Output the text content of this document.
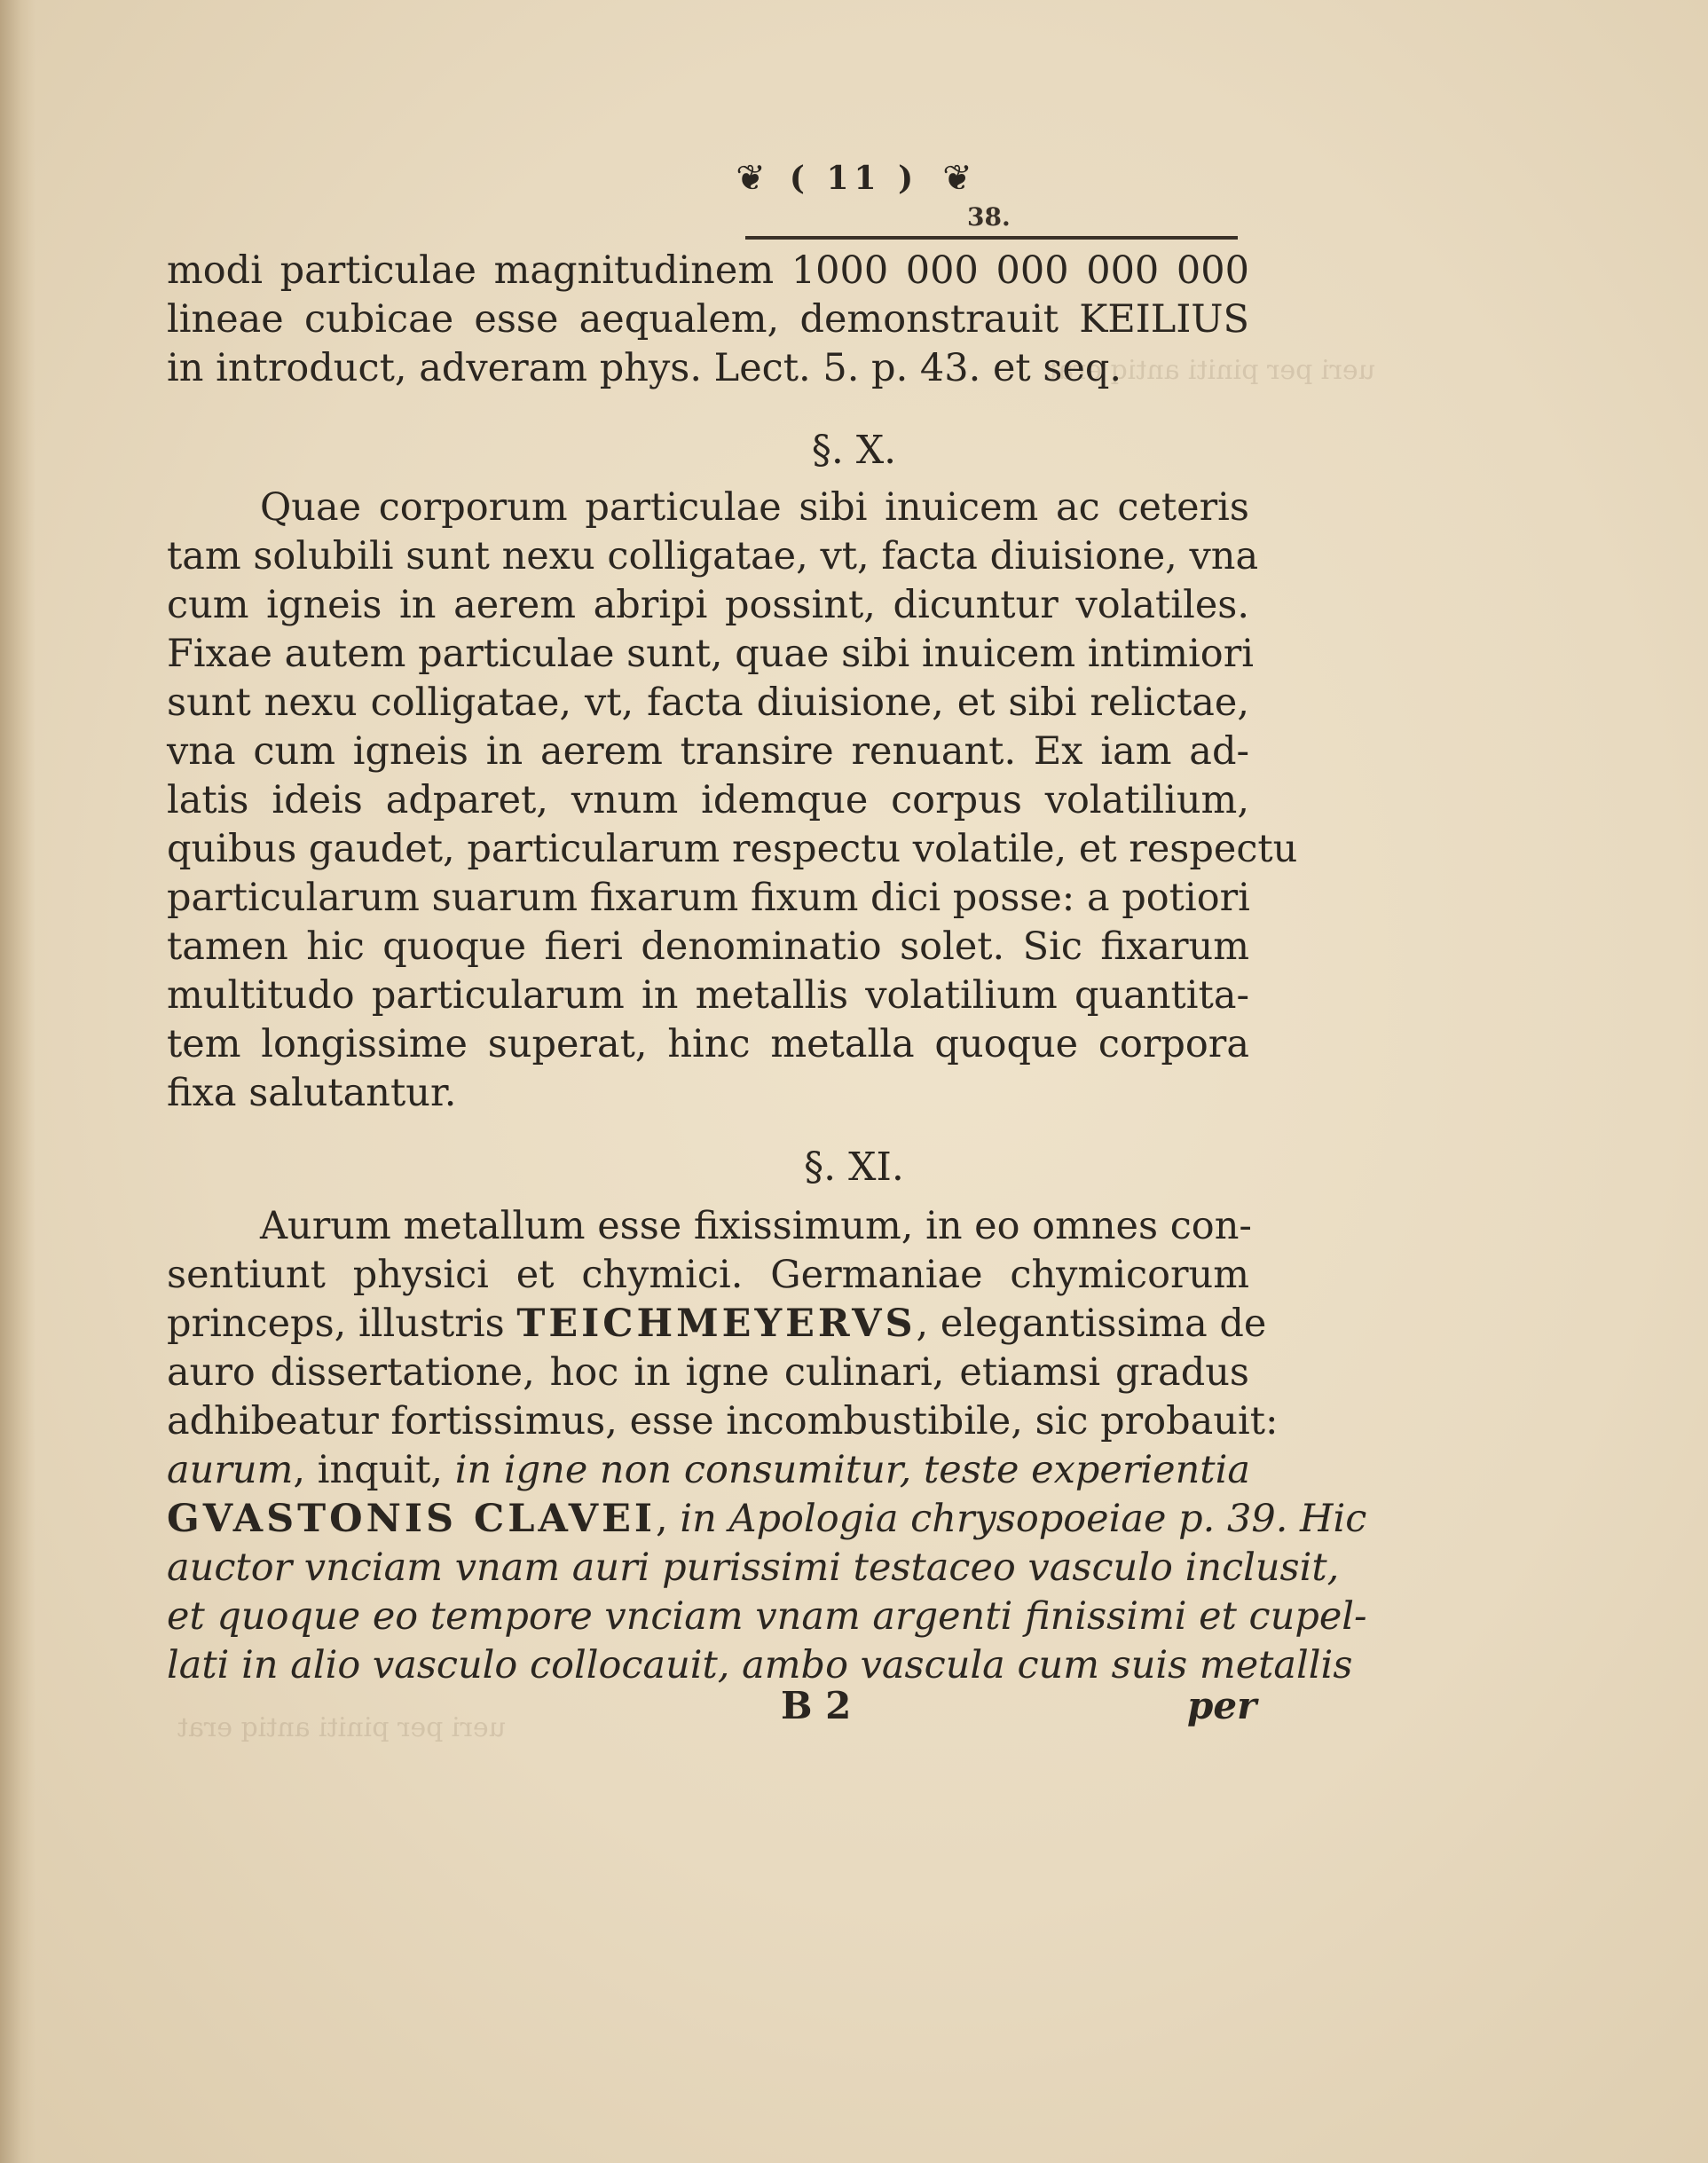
ueri per piniti antiq erat
ueri per piniti antiq erat
❦ ( 11 ) ❦
38.
modi particulae magnitudinem 1000 000 000 000 000
lineae cubicae esse aequalem, demonstrauit KEILIUS
in introduct, adveram phys. Lect. 5. p. 43. et seq.
§. X.
Quae corporum particulae sibi inuicem ac ceteris
tam solubili sunt nexu colligatae, vt, facta diuisione, vna
cum igneis in aerem abripi possint, dicuntur volatiles.
Fixae autem particulae sunt, quae sibi inuicem intimiori
sunt nexu colligatae, vt, facta diuisione, et sibi relictae,
vna cum igneis in aerem transire renuant. Ex iam ad-
latis ideis adparet, vnum idemque corpus volatilium,
quibus gaudet, particularum respectu volatile, et respectu
particularum suarum fixarum fixum dici posse: a potiori
tamen hic quoque fieri denominatio solet. Sic fixarum
multitudo particularum in metallis volatilium quantita-
tem longissime superat, hinc metalla quoque corpora
fixa salutantur.
§. XI.
Aurum metallum esse fixissimum, in eo omnes con-
sentiunt physici et chymici. Germaniae chymicorum
princeps, illustris TEICHMEYERVS, elegantissima de
auro dissertatione, hoc in igne culinari, etiamsi gradus
adhibeatur fortissimus, esse incombustibile, sic probauit:
aurum, inquit, in igne non consumitur, teste experientia
GVASTONIS CLAVEI, in Apologia chrysopoeiae p. 39. Hic
auctor vnciam vnam auri purissimi testaceo vasculo inclusit,
et quoque eo tempore vnciam vnam argenti finissimi et cupel-
lati in alio vasculo collocauit, ambo vascula cum suis metallis
B 2	per
